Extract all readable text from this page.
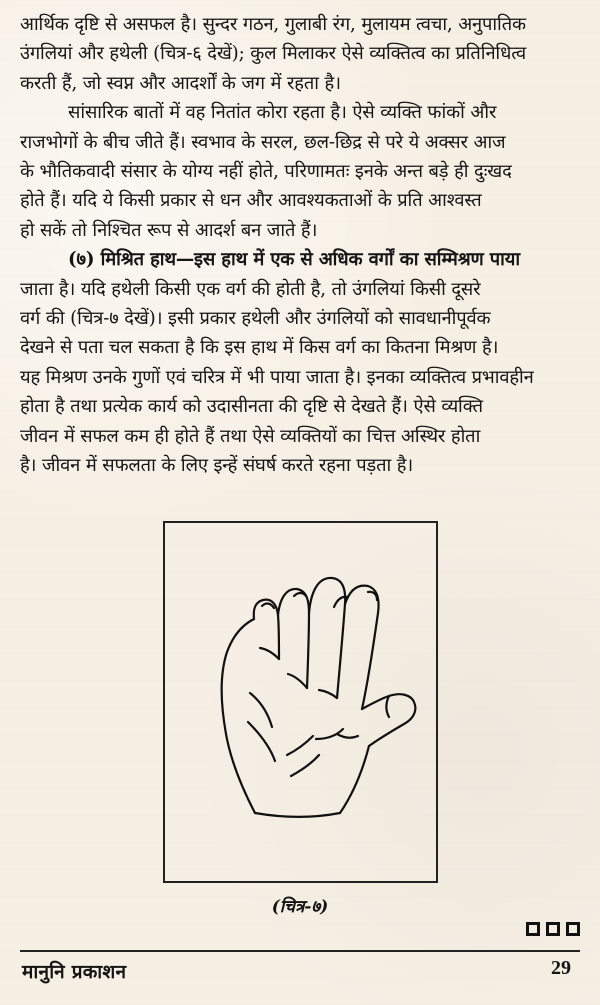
आर्थिक दृष्टि से असफल है। सुन्दर गठन, गुलाबी रंग, मुलायम त्वचा, अनुपातिक
उंगलियां और हथेली (चित्र-६ देखें); कुल मिलाकर ऐसे व्यक्तित्व का प्रतिनिधित्व
करती हैं, जो स्वप्न और आदर्शों के जग में रहता है।
सांसारिक बातों में वह नितांत कोरा रहता है। ऐसे व्यक्ति फांकों और
राजभोगों के बीच जीते हैं। स्वभाव के सरल, छल-छिद्र से परे ये अक्सर आज
के भौतिकवादी संसार के योग्य नहीं होते, परिणामतः इनके अन्त बड़े ही दुःखद
होते हैं। यदि ये किसी प्रकार से धन और आवश्यकताओं के प्रति आश्वस्त
हो सकें तो निश्चित रूप से आदर्श बन जाते हैं।
(७) मिश्रित हाथ—इस हाथ में एक से अधिक वर्गों का सम्मिश्रण पाया
जाता है। यदि हथेली किसी एक वर्ग की होती है, तो उंगलियां किसी दूसरे
वर्ग की (चित्र-७ देखें)। इसी प्रकार हथेली और उंगलियों को सावधानीपूर्वक
देखने से पता चल सकता है कि इस हाथ में किस वर्ग का कितना मिश्रण है।
यह मिश्रण उनके गुणों एवं चरित्र में भी पाया जाता है। इनका व्यक्तित्व प्रभावहीन
होता है तथा प्रत्येक कार्य को उदासीनता की दृष्टि से देखते हैं। ऐसे व्यक्ति
जीवन में सफल कम ही होते हैं तथा ऐसे व्यक्तियों का चित्त अस्थिर होता
है। जीवन में सफलता के लिए इन्हें संघर्ष करते रहना पड़ता है।
(चित्र-७)
मानुनि प्रकाशन	29
